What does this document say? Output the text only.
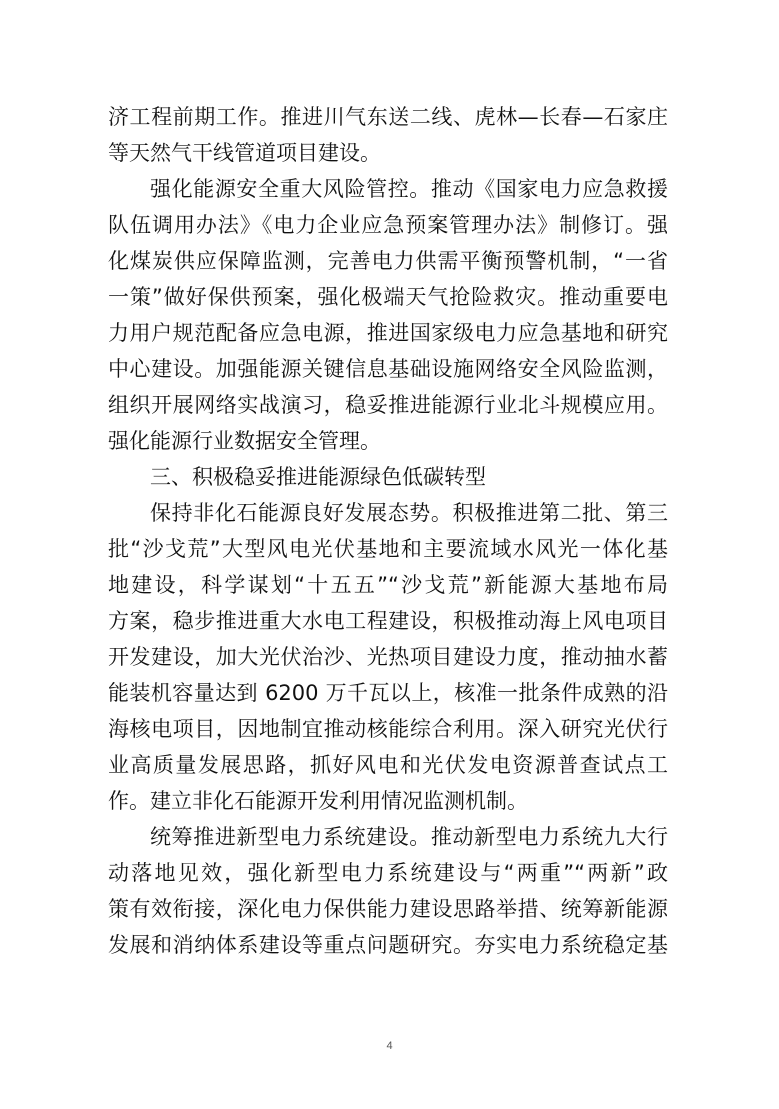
济工程前期工作。推进川气东送二线、虎林—长春—石家庄
等天然气干线管道项目建设。
强化能源安全重大风险管控。推动《国家电力应急救援
队伍调用办法》《电力企业应急预案管理办法》制修订。强
化煤炭供应保障监测，完善电力供需平衡预警机制，“一省
一策”做好保供预案，强化极端天气抢险救灾。推动重要电
力用户规范配备应急电源，推进国家级电力应急基地和研究
中心建设。加强能源关键信息基础设施网络安全风险监测，
组织开展网络实战演习，稳妥推进能源行业北斗规模应用。
强化能源行业数据安全管理。
三、积极稳妥推进能源绿色低碳转型
保持非化石能源良好发展态势。积极推进第二批、第三
批“沙戈荒”大型风电光伏基地和主要流域水风光一体化基
地建设，科学谋划“十五五”“沙戈荒”新能源大基地布局
方案，稳步推进重大水电工程建设，积极推动海上风电项目
开发建设，加大光伏治沙、光热项目建设力度，推动抽水蓄
能装机容量达到 6200 万千瓦以上，核准一批条件成熟的沿
海核电项目，因地制宜推动核能综合利用。深入研究光伏行
业高质量发展思路，抓好风电和光伏发电资源普查试点工
作。建立非化石能源开发利用情况监测机制。
统筹推进新型电力系统建设。推动新型电力系统九大行
动落地见效，强化新型电力系统建设与“两重”“两新”政
策有效衔接，深化电力保供能力建设思路举措、统筹新能源
发展和消纳体系建设等重点问题研究。夯实电力系统稳定基
4
